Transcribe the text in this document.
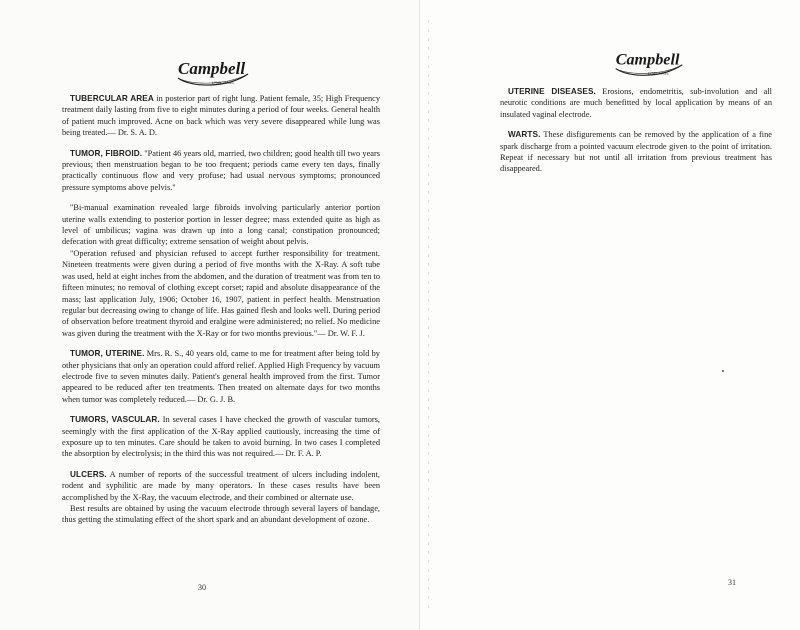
Campbell
LYNN, MASS.

TUBERCULAR AREA in posterior part of right lung. Patient female, 35; High Frequency treatment daily lasting from five to eight minutes during a period of four weeks. General health of patient much improved. Acne on back which was very severe disappeared while lung was being treated.— Dr. S. A. D.

TUMOR, FIBROID. "Patient 46 years old, married, two children; good health till two years previous; then menstruation began to be too frequent; periods came every ten days, finally practically continuous flow and very profuse; had usual nervous symptoms; pronounced pressure symptoms above pelvis."

"Bi-manual examination revealed large fibroids involving particularly anterior portion uterine walls extending to posterior portion in lesser degree; mass extended quite as high as level of umbilicus; vagina was drawn up into a long canal; constipation pronounced; defecation with great difficulty; extreme sensation of weight about pelvis.

"Operation refused and physician refused to accept further responsibility for treatment. Nineteen treatments were given during a period of five months with the X-Ray. A soft tube was used, held at eight inches from the abdomen, and the duration of treatment was from ten to fifteen minutes; no removal of clothing except corset; rapid and absolute disappearance of the mass; last application July, 1906; October 16, 1907, patient in perfect health. Menstruation regular but decreasing owing to change of life. Has gained flesh and looks well. During period of observation before treatment thyroid and eralgine were administered; no relief. No medicine was given during the treatment with the X-Ray or for two months previous."— Dr. W. F. J.

TUMOR, UTERINE. Mrs. R. S., 40 years old, came to me for treatment after being told by other physicians that only an operation could afford relief. Applied High Frequency by vacuum electrode five to seven minutes daily. Patient's general health improved from the first. Tumor appeared to be reduced after ten treatments. Then treated on alternate days for two months when tumor was completely reduced.— Dr. G. J. B.

TUMORS, VASCULAR. In several cases I have checked the growth of vascular tumors, seemingly with the first application of the X-Ray applied cautiously, increasing the time of exposure up to ten minutes. Care should be taken to avoid burning. In two cases I completed the absorption by electrolysis; in the third this was not required.— Dr. F. A. P.

ULCERS. A number of reports of the successful treatment of ulcers including indolent, rodent and syphilitic are made by many operators. In these cases results have been accomplished by the X-Ray, the vacuum electrode, and their combined or alternate use.

Best results are obtained by using the vacuum electrode through several layers of bandage, thus getting the stimulating effect of the short spark and an abundant development of ozone.

30
Campbell
LYNN, MASS.

UTERINE DISEASES. Erosions, endometritis, sub-involution and all neurotic conditions are much benefitted by local application by means of an insulated vaginal electrode.

WARTS. These disfigurements can be removed by the application of a fine spark discharge from a pointed vacuum electrode given to the point of irritation. Repeat if necessary but not until all irritation from previous treatment has disappeared.

31
